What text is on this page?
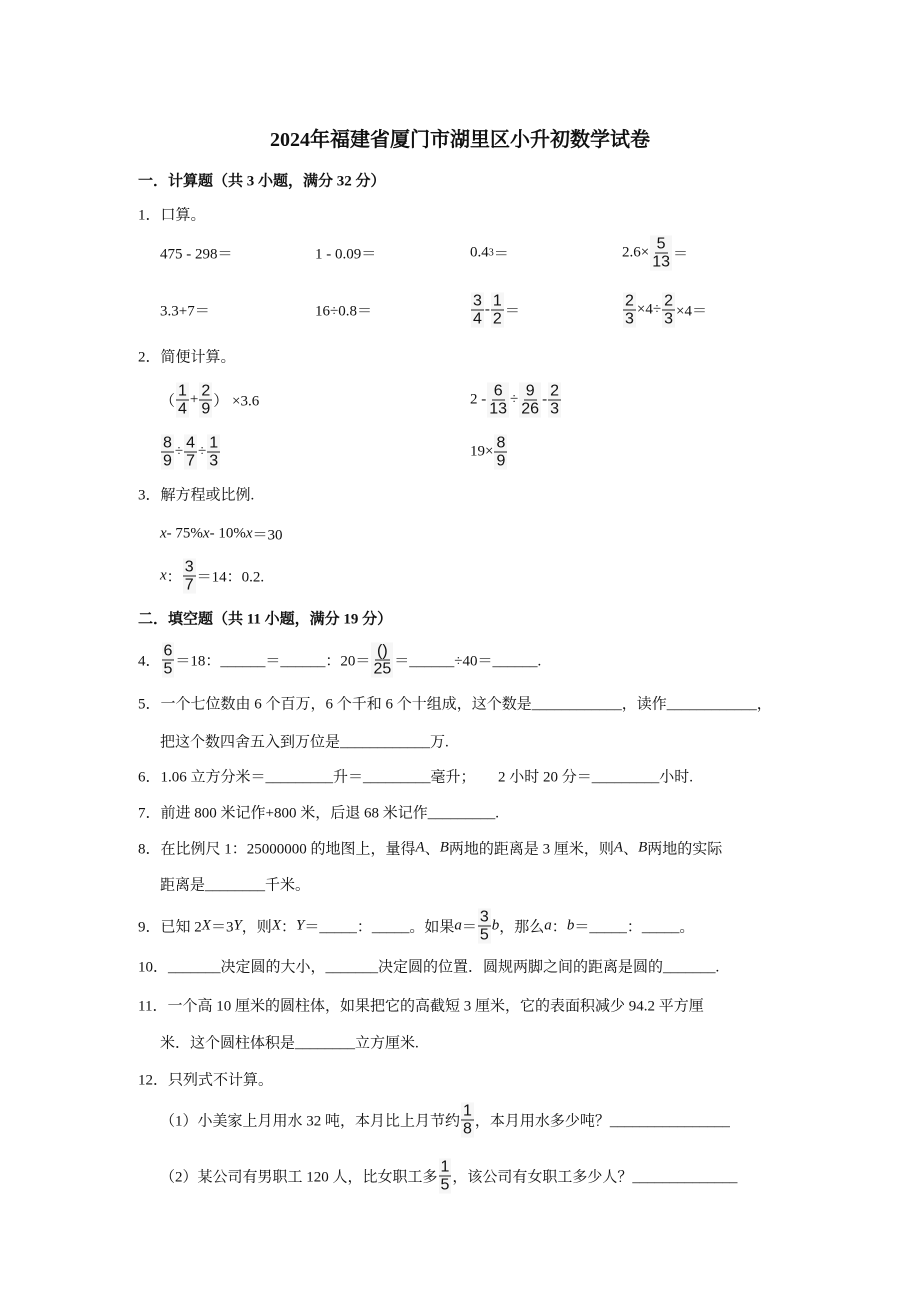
2024年福建省厦门市湖里区小升初数学试卷
一．计算题（共 3 小题，满分 32 分）
1．口算。
475 - 298＝	1 - 0.09＝	0.4 3 ＝	$2.6\times \frac{5}{13}$ ＝
3.3+7＝	16÷0.8＝	$\frac{3}{4} - \frac{1}{2}$ ＝	$\frac{2}{3} \times 4\div \frac{2}{3} \times 4=$
2．简便计算。
（ $\frac{1}{4} + \frac{2}{9}$ ） ×3.6	$2 - \frac{6}{13} \div \frac{9}{26} - \frac{2}{3}$
$\frac{8}{9} \div \frac{4}{7} \div \frac{1}{3}$	$19\times \frac{8}{9}$
3．解方程或比例.
x - 75% x - 10% x ＝30
x ： $\frac{3}{7} =14$：0.2.
二．填空题（共 11 小题，满分 19 分）
4． $\frac{6}{5} =18$：______＝______：$20= \frac{()}{25}$ ＝______÷40＝______.
5．一个七位数由 6 个百万，6 个千和 6 个十组成，这个数是____________，读作____________，
把这个数四舍五入到万位是____________万.
6．1.06 立方分米＝_________升＝_________毫升；　　2 小时 20 分＝_________小时.
7．前进 800 米记作+800 米，后退 68 米记作_________.
8．在比例尺 1：25000000 的地图上，量得 A 、 B 两地的距离是 3 厘米，则 A 、 B 两地的实际
距离是________千米。
9．已知 2 X ＝3 Y ，则 X ： Y ＝_____：_____。如果 $a = \frac{3}{5}$ b ，那么 a ： b ＝_____：_____。
10．_______决定圆的大小，_______决定圆的位置．圆规两脚之间的距离是圆的_______.
11．一个高 10 厘米的圆柱体，如果把它的高截短 3 厘米，它的表面积减少 94.2 平方厘
米．这个圆柱体积是________立方厘米.
12．只列式不计算。
（1）小美家上月用水 32 吨，本月比上月节约 $\frac{1}{8}$ ，本月用水多少吨？________________
（2）某公司有男职工 120 人，比女职工多 $\frac{1}{5}$ ，该公司有女职工多少人？______________
